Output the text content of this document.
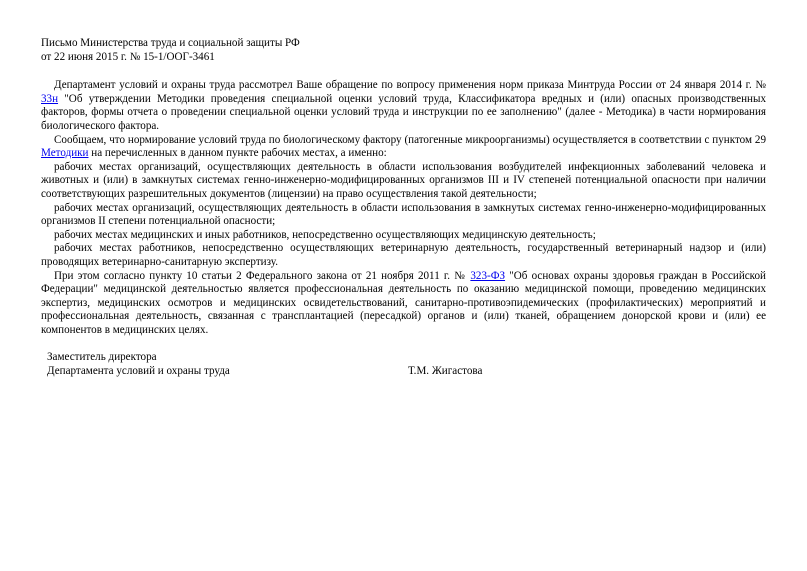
Письмо Министерства труда и социальной защиты РФ

от 22 июня 2015 г. № 15-1/ООГ-3461

Департамент условий и охраны труда рассмотрел Ваше обращение по вопросу применения норм приказа Минтруда России от 24 января 2014 г. № 33н "Об утверждении Методики проведения специальной оценки условий труда, Классификатора вредных и (или) опасных производственных факторов, формы отчета о проведении специальной оценки условий труда и инструкции по ее заполнению" (далее - Методика) в части нормирования биологического фактора.

Сообщаем, что нормирование условий труда по биологическому фактору (патогенные микроорганизмы) осуществляется в соответствии с пунктом 29 Методики на перечисленных в данном пункте рабочих местах, а именно:

рабочих местах организаций, осуществляющих деятельность в области использования возбудителей инфекционных заболеваний человека и животных и (или) в замкнутых системах генно-инженерно-модифицированных организмов III и IV степеней потенциальной опасности при наличии соответствующих разрешительных документов (лицензии) на право осуществления такой деятельности;

рабочих местах организаций, осуществляющих деятельность в области использования в замкнутых системах генно-инженерно-модифицированных организмов II степени потенциальной опасности;

рабочих местах медицинских и иных работников, непосредственно осуществляющих медицинскую деятельность;

рабочих местах работников, непосредственно осуществляющих ветеринарную деятельность, государственный ветеринарный надзор и (или) проводящих ветеринарно-санитарную экспертизу.

При этом согласно пункту 10 статьи 2 Федерального закона от 21 ноября 2011 г. № 323-ФЗ "Об основах охраны здоровья граждан в Российской Федерации" медицинской деятельностью является профессиональная деятельность по оказанию медицинской помощи, проведению медицинских экспертиз, медицинских осмотров и медицинских освидетельствований, санитарно-противоэпидемических (профилактических) мероприятий и профессиональная деятельность, связанная с трансплантацией (пересадкой) органов и (или) тканей, обращением донорской крови и (или) ее компонентов в медицинских целях.

Заместитель директора
Департамента условий и охраны труда	Т.М. Жигастова
